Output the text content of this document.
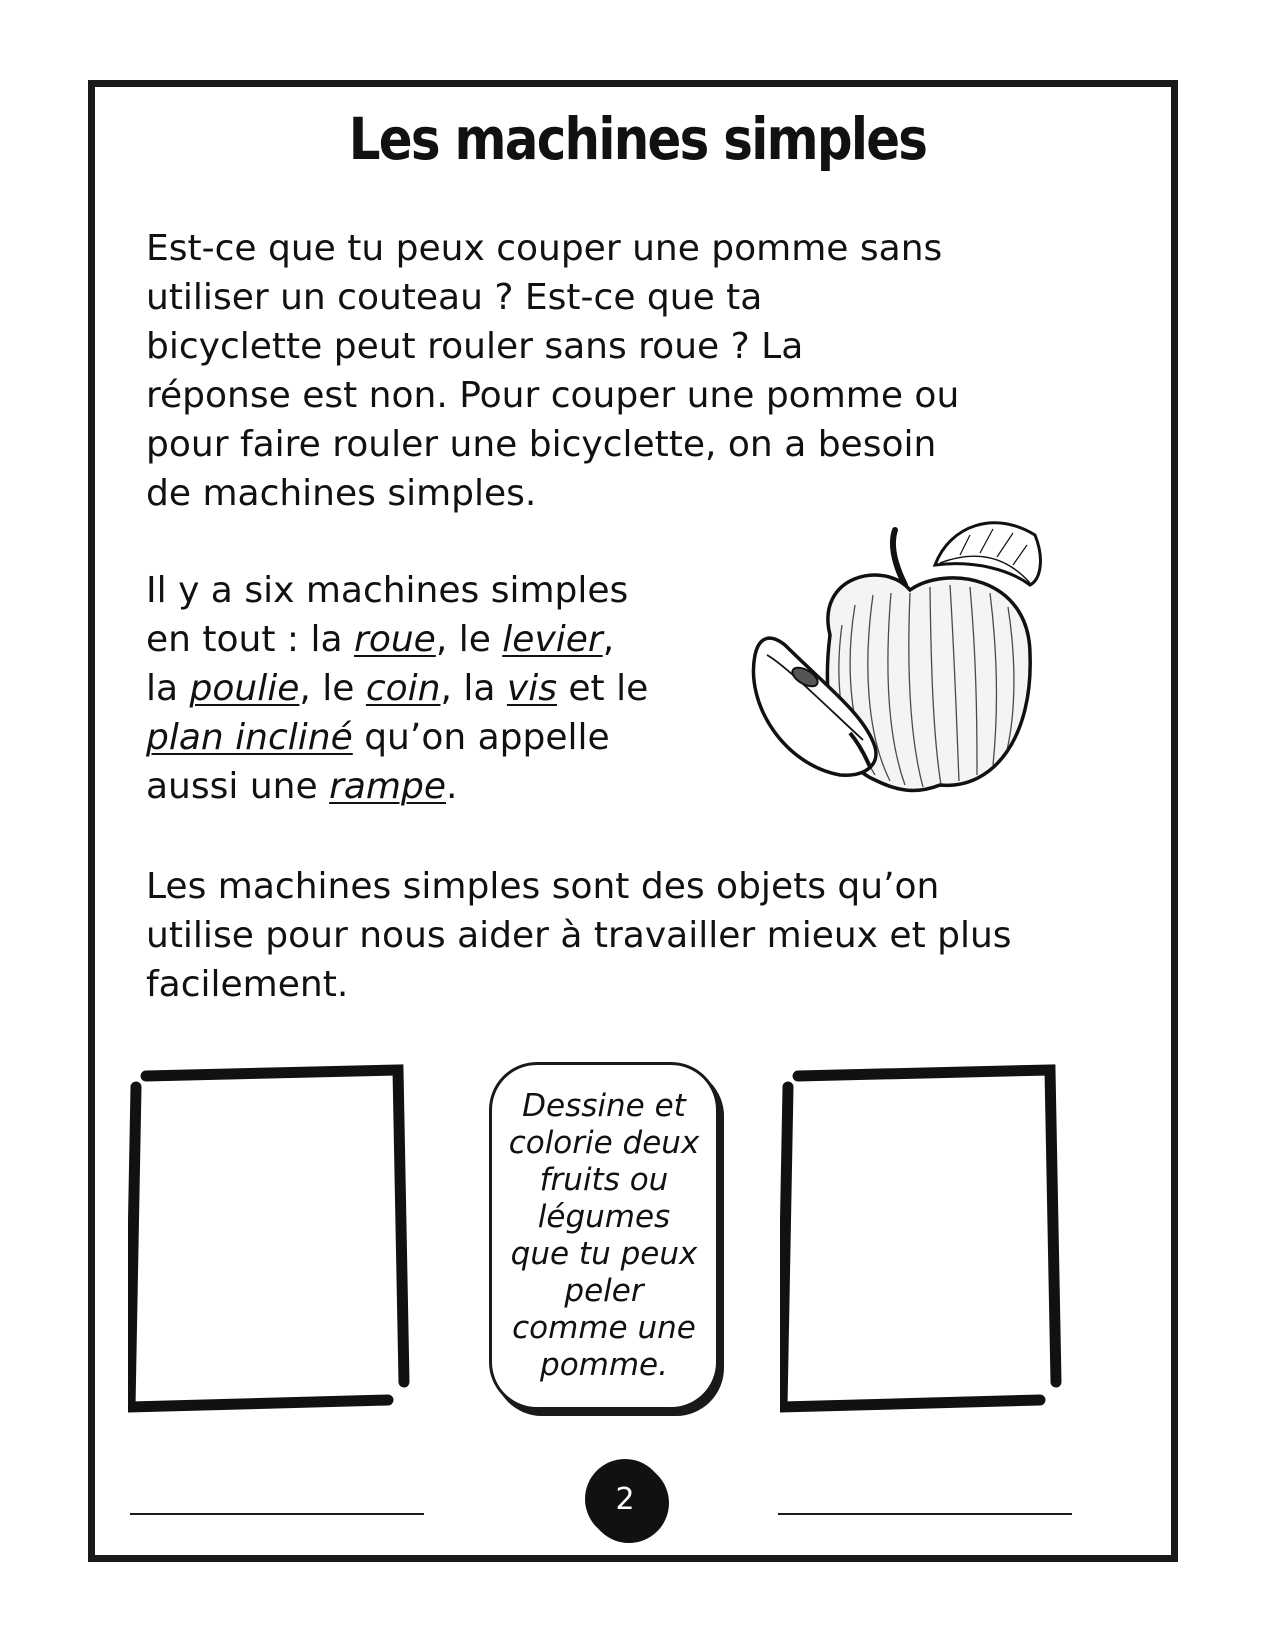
Les machines simples
Est-ce que tu peux couper une pomme sans
utiliser un couteau ? Est-ce que ta
bicyclette peut rouler sans roue ? La
réponse est non. Pour couper une pomme ou
pour faire rouler une bicyclette, on a besoin
de machines simples.
Il y a six machines simples
en tout : la roue, le levier,
la poulie, le coin, la vis et le
plan incliné qu’on appelle
aussi une rampe.
Les machines simples sont des objets qu’on
utilise pour nous aider à travailler mieux et plus
facilement.
Dessine et colorie deux fruits ou légumes que tu peux peler comme une pomme.
2
